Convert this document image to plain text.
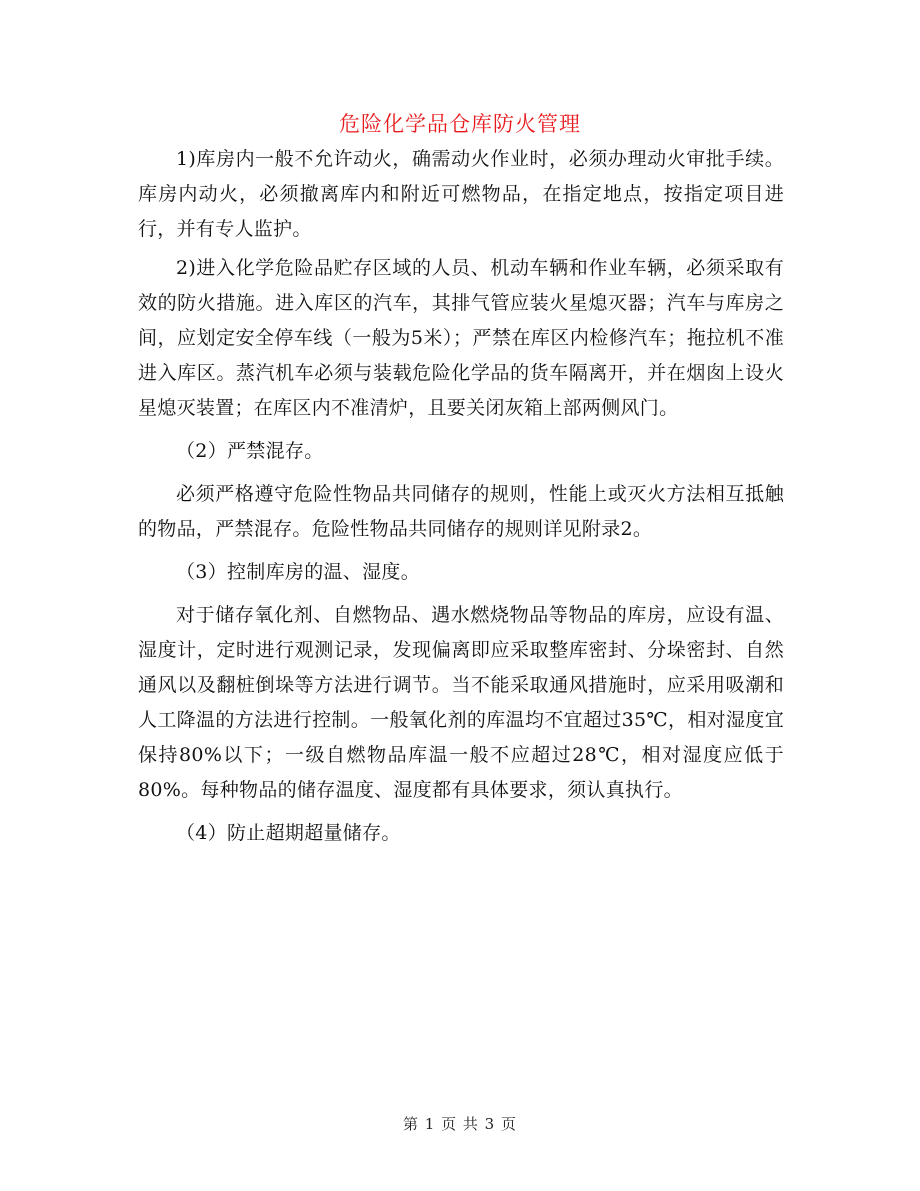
危险化学品仓库防火管理

1)库房内一般不允许动火，确需动火作业时，必须办理动火审批手续。库房内动火，必须撤离库内和附近可燃物品，在指定地点，按指定项目进行，并有专人监护。

2)进入化学危险品贮存区域的人员、机动车辆和作业车辆，必须采取有效的防火措施。进入库区的汽车，其排气管应装火星熄灭器；汽车与库房之间，应划定安全停车线（一般为5米）；严禁在库区内检修汽车；拖拉机不准进入库区。蒸汽机车必须与装载危险化学品的货车隔离开，并在烟囱上设火星熄灭装置；在库区内不准清炉，且要关闭灰箱上部两侧风门。

（2）严禁混存。

必须严格遵守危险性物品共同储存的规则，性能上或灭火方法相互抵触的物品，严禁混存。危险性物品共同储存的规则详见附录2。

（3）控制库房的温、湿度。

对于储存氧化剂、自燃物品、遇水燃烧物品等物品的库房，应设有温、湿度计，定时进行观测记录，发现偏离即应采取整库密封、分垛密封、自然通风以及翻桩倒垛等方法进行调节。当不能采取通风措施时，应采用吸潮和人工降温的方法进行控制。一般氧化剂的库温均不宜超过35℃，相对湿度宜保持80%以下；一级自燃物品库温一般不应超过28℃，相对湿度应低于80%。每种物品的储存温度、湿度都有具体要求，须认真执行。

（4）防止超期超量储存。

第 1 页 共 3 页
